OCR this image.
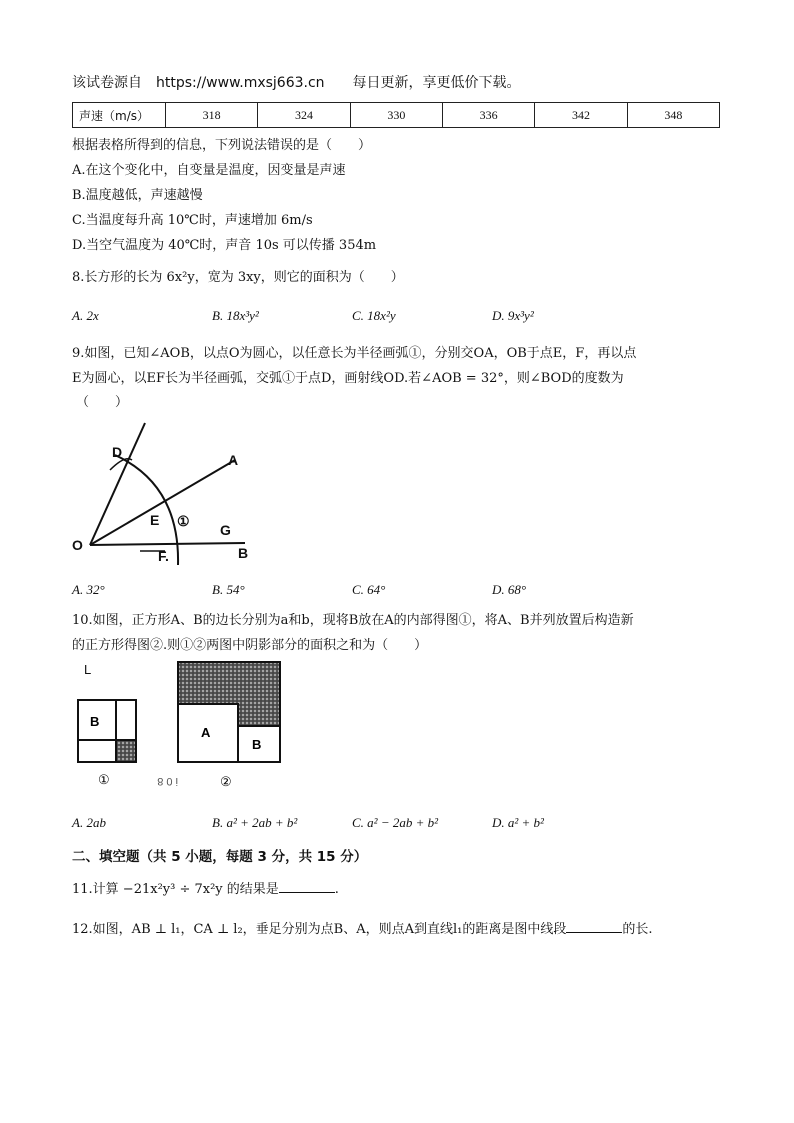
该试卷源自　https://www.mxsj663.cn　　每日更新，享更低价下载。
声速（m/s）	318	324	330	336	342	348
根据表格所得到的信息，下列说法错误的是（　　）
A.在这个变化中，自变量是温度，因变量是声速
B.温度越低，声速越慢
C.当温度每升高 10℃时，声速增加 6m/s
D.当空气温度为 40℃时，声音 10s 可以传播 354m
8.长方形的长为 6x²y，宽为 3xy，则它的面积为（　　）
A. 2x	B. 18x³y²	C. 18x²y	D. 9x³y²
9.如图，已知∠AOB，以点O为圆心，以任意长为半径画弧①，分别交OA，OB于点E，F，再以点
E为圆心，以EF长为半径画弧，交弧①于点D，画射线OD.若∠AOB = 32°，则∠BOD的度数为
（　　）
D	A
E ①
G
O
F.	B
A. 32°	B. 54°	C. 64°	D. 68°
10.如图，正方形A、B的边长分别为a和b，现将B放在A的内部得图①，将A、B并列放置后构造新
的正方形得图②.则①②两图中阴影部分的面积之和为（　　）
L
B
①	i 0 8
A
B
②
A. 2ab	B. a² + 2ab + b²	C. a² − 2ab + b²	D. a² + b²
二、填空题（共 5 小题，每题 3 分，共 15 分）
11.计算 −21x²y³ ÷ 7x²y 的结果是	.
12.如图，AB ⊥ l₁，CA ⊥ l₂，垂足分别为点B、A，则点A到直线l₁的距离是图中线段	的长.
